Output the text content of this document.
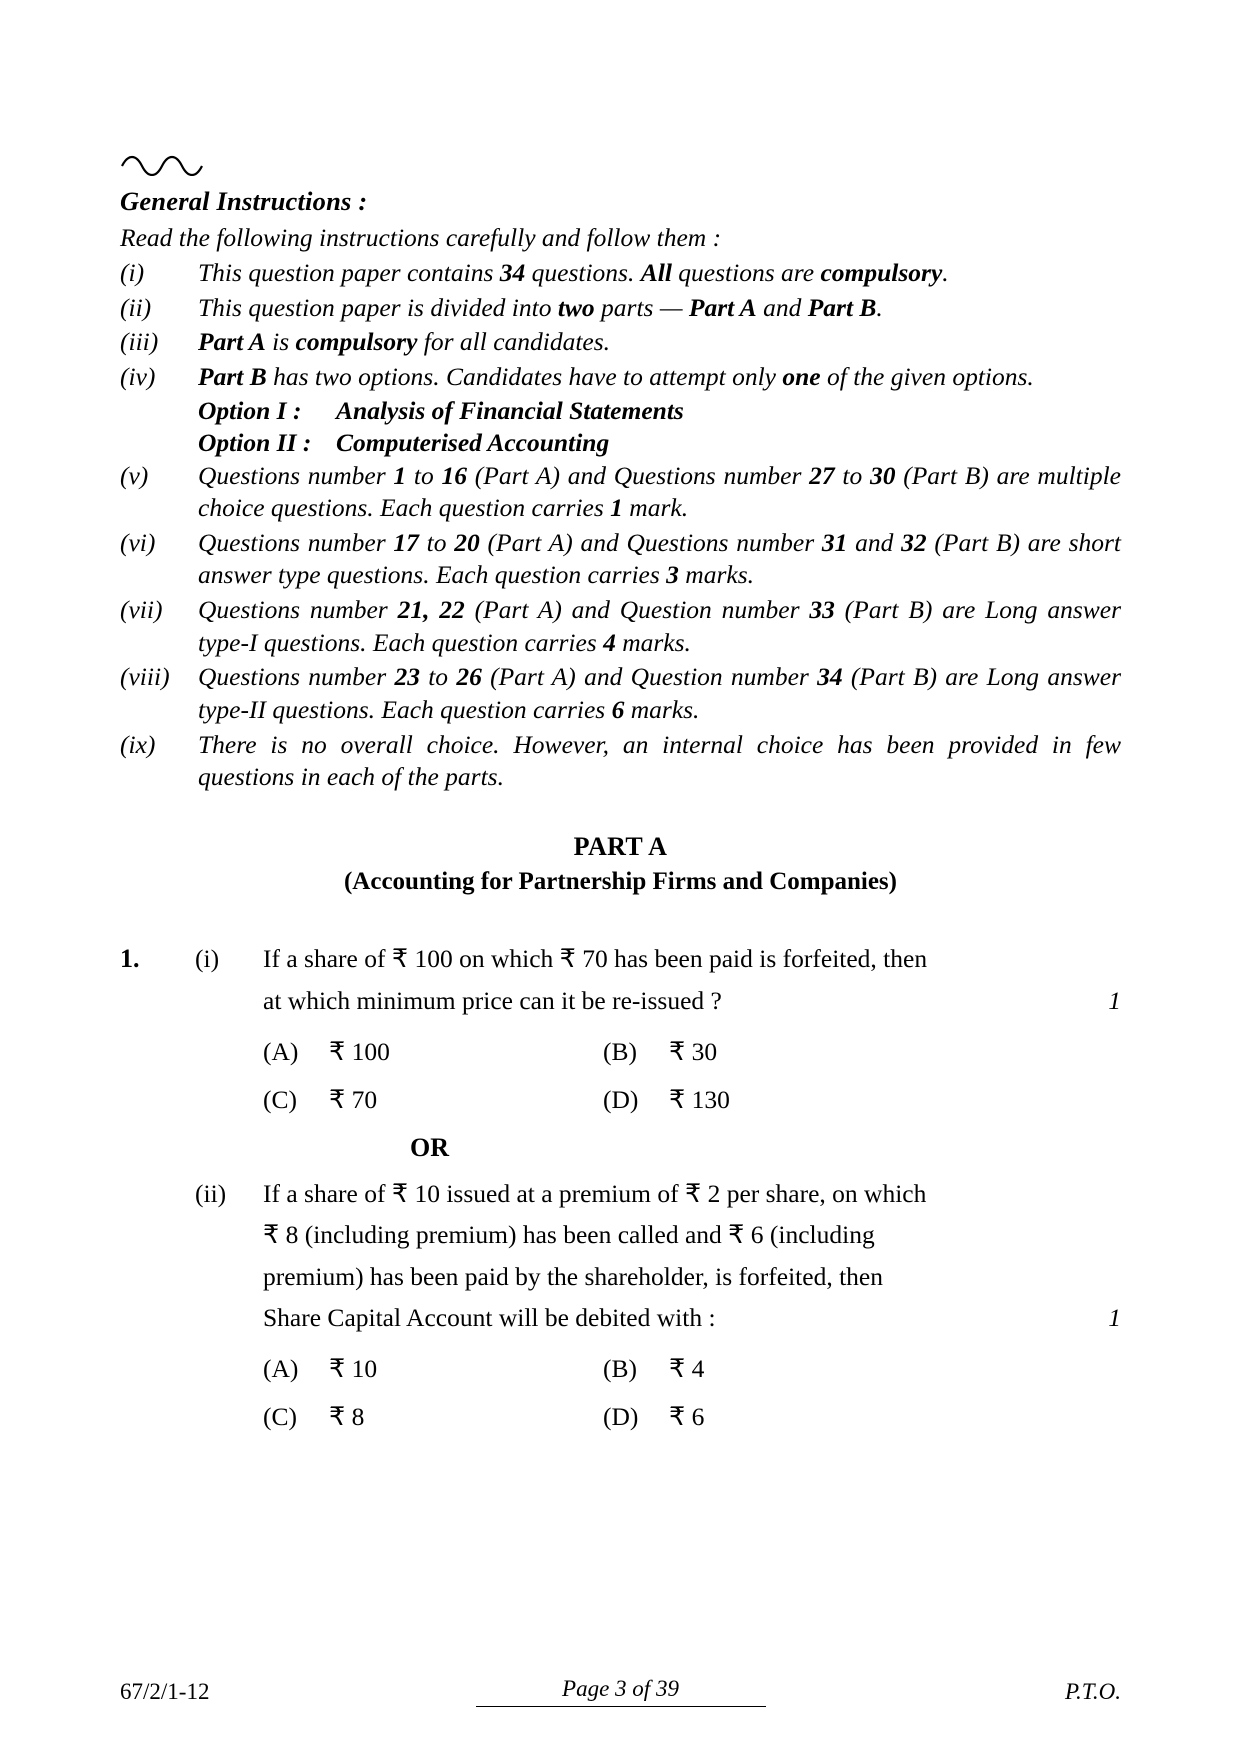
General Instructions :
Read the following instructions carefully and follow them :
(i)	This question paper contains 34 questions. All questions are compulsory.
(ii)	This question paper is divided into two parts — Part A and Part B.
(iii)	Part A is compulsory for all candidates.
(iv)	Part B has two options. Candidates have to attempt only one of the given options.
Option I :	Analysis of Financial Statements
Option II : Computerised Accounting
(v)	Questions number 1 to 16 (Part A) and Questions number 27 to 30 (Part B) are multiple choice questions. Each question carries 1 mark.
(vi)	Questions number 17 to 20 (Part A) and Questions number 31 and 32 (Part B) are short answer type questions. Each question carries 3 marks.
(vii)	Questions number 21, 22 (Part A) and Question number 33 (Part B) are Long answer type-I questions. Each question carries 4 marks.
(viii)	Questions number 23 to 26 (Part A) and Question number 34 (Part B) are Long answer type-II questions. Each question carries 6 marks.
(ix)	There is no overall choice. However, an internal choice has been provided in few questions in each of the parts.
PART A
(Accounting for Partnership Firms and Companies)
1.	(i)	If a share of ₹ 100 on which ₹ 70 has been paid is forfeited, then
at which minimum price can it be re-issued ?	1
(A)	₹ 100	(B)	₹ 30
(C)	₹ 70	(D)	₹ 130
OR
(ii)	If a share of ₹ 10 issued at a premium of ₹ 2 per share, on which
₹ 8 (including premium) has been called and ₹ 6 (including
premium) has been paid by the shareholder, is forfeited, then
Share Capital Account will be debited with :	1
(A)	₹ 10	(B)	₹ 4
(C)	₹ 8	(D)	₹ 6
67/2/1-12	Page 3 of 39	P.T.O.
